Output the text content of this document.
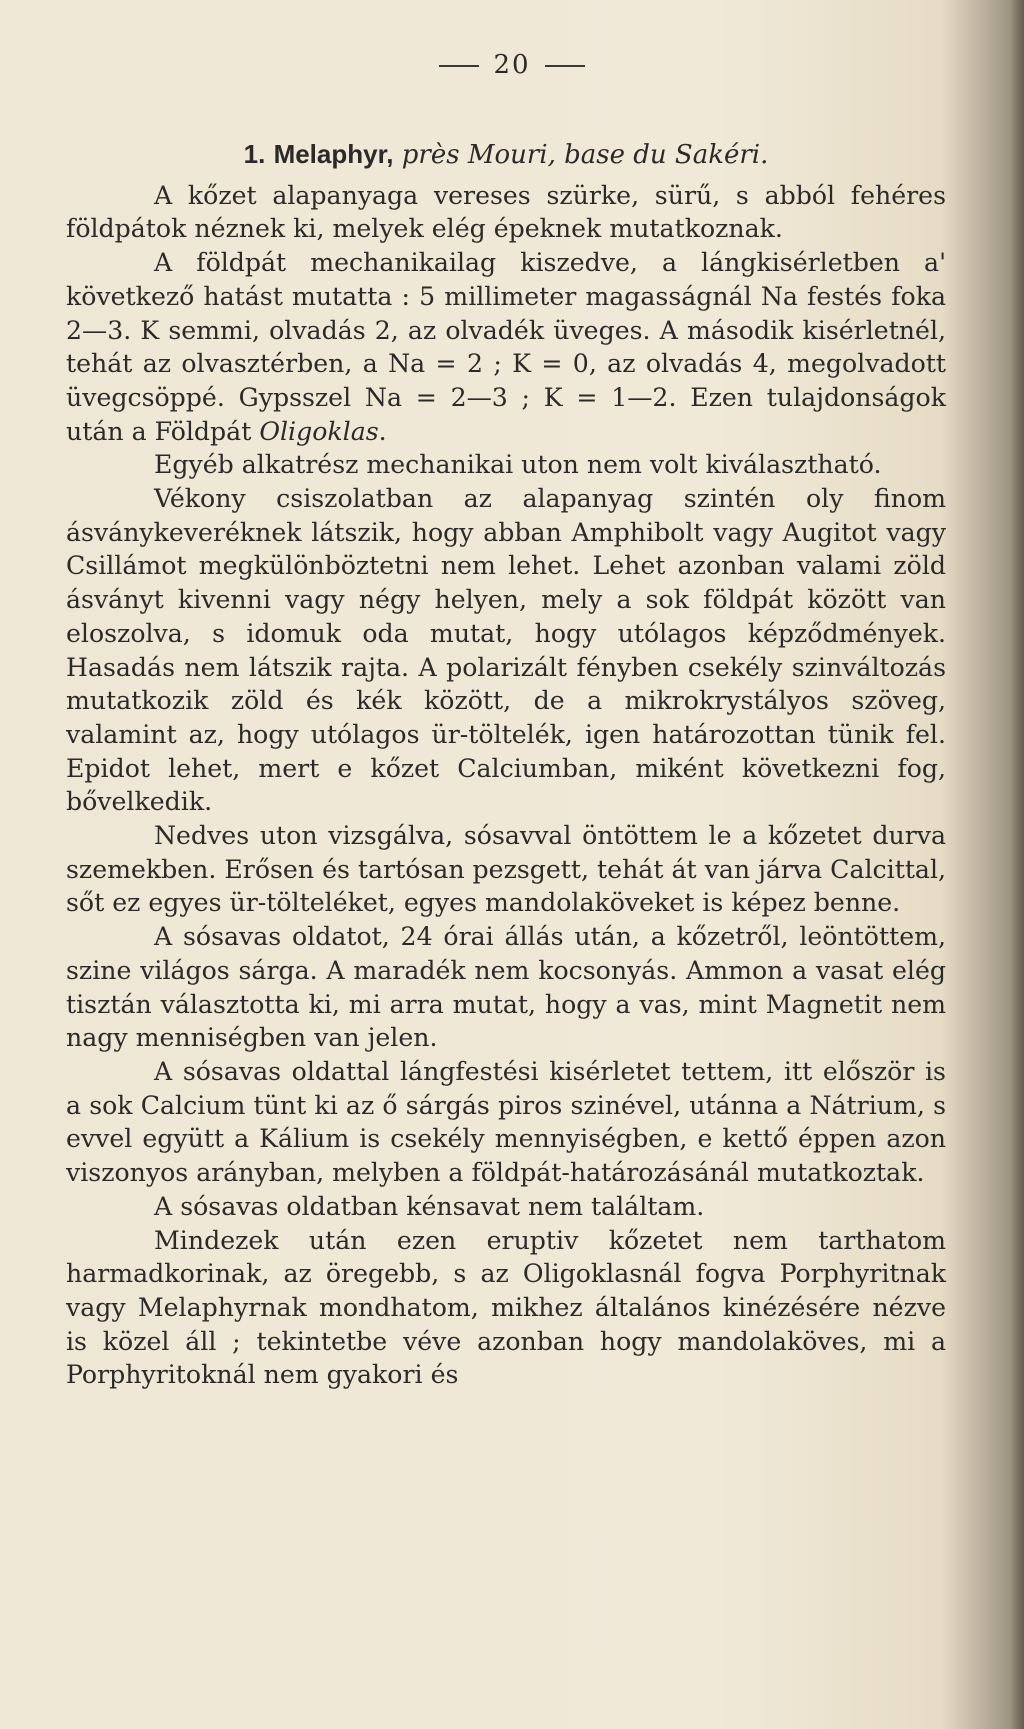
20
1. Melaphyr, près Mouri, base du Sakéri.

A kőzet alapanyaga vereses szürke, sürű, s abból fehéres földpátok néznek ki, melyek elég épeknek mutatkoznak.

A földpát mechanikailag kiszedve, a lángkisérletben a' következő hatást mutatta : 5 millimeter magasságnál Na festés foka 2—3. K semmi, olvadás 2, az olvadék üveges. A második kisérletnél, tehát az olvasztérben, a Na = 2 ; K = 0, az olvadás 4, megolvadott üvegcsöppé. Gypsszel Na = 2—3 ; K = 1—2. Ezen tulajdonságok után a Földpát Oligoklas.

Egyéb alkatrész mechanikai uton nem volt kiválasztható.

Vékony csiszolatban az alapanyag szintén oly finom ásványkeveréknek látszik, hogy abban Amphibolt vagy Augitot vagy Csillámot megkülönböztetni nem lehet. Lehet azonban valami zöld ásványt kivenni vagy négy helyen, mely a sok földpát között van eloszolva, s idomuk oda mutat, hogy utólagos képződmények. Hasadás nem látszik rajta. A polarizált fényben csekély szinváltozás mutatkozik zöld és kék között, de a mikrokrystályos szöveg, valamint az, hogy utólagos ür-töltelék, igen határozottan tünik fel. Epidot lehet, mert e kőzet Calciumban, miként következni fog, bővelkedik.

Nedves uton vizsgálva, sósavval öntöttem le a kőzetet durva szemekben. Erősen és tartósan pezsgett, tehát át van járva Calcittal, sőt ez egyes ür-tölteléket, egyes mandolaköveket is képez benne.

A sósavas oldatot, 24 órai állás után, a kőzetről, leöntöttem, szine világos sárga. A maradék nem kocsonyás. Ammon a vasat elég tisztán választotta ki, mi arra mutat, hogy a vas, mint Magnetit nem nagy menniségben van jelen.

A sósavas oldattal lángfestési kisérletet tettem, itt először is a sok Calcium tünt ki az ő sárgás piros szinével, utánna a Nátrium, s evvel együtt a Kálium is csekély mennyiségben, e kettő éppen azon viszonyos arányban, melyben a földpát-határozásánál mutatkoztak.

A sósavas oldatban kénsavat nem találtam.

Mindezek után ezen eruptiv kőzetet nem tarthatom harmadkorinak, az öregebb, s az Oligoklasnál fogva Porphyritnak vagy Melaphyrnak mondhatom, mikhez általános kinézésére nézve is közel áll ; tekintetbe véve azonban hogy mandolaköves, mi a Porphyritoknál nem gyakori és
